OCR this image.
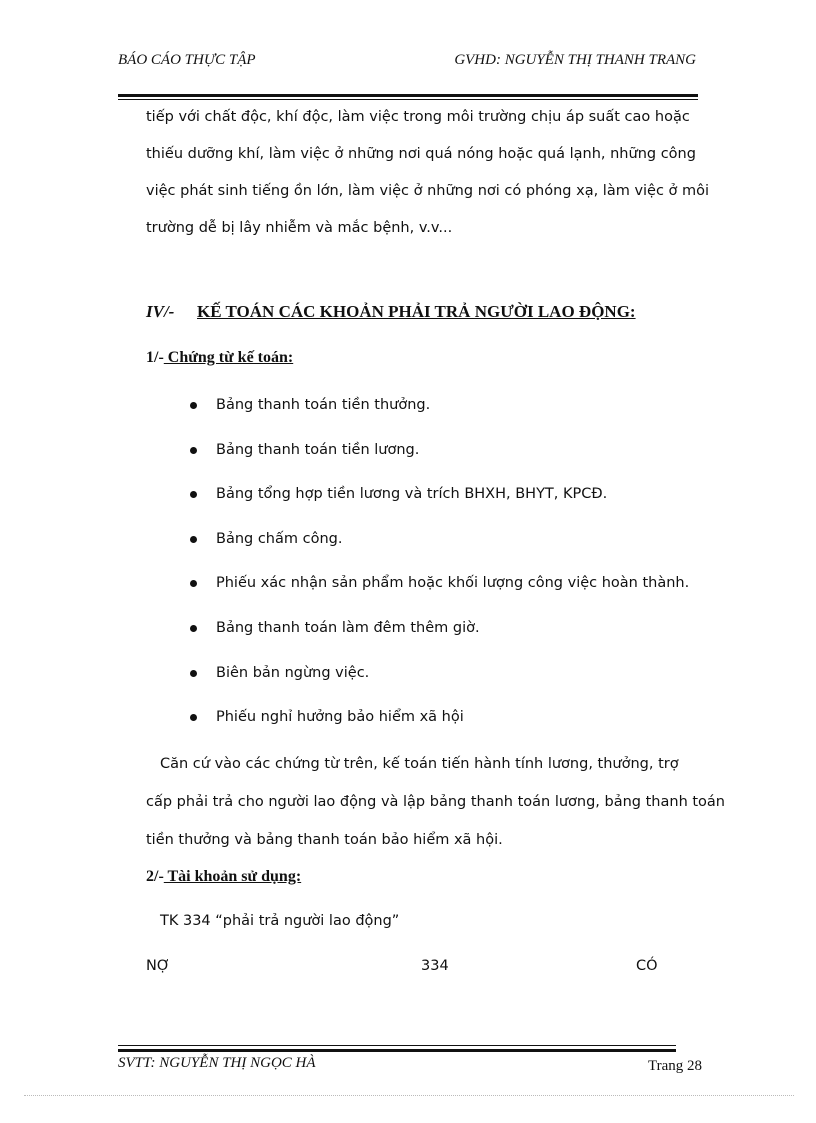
BÁO CÁO THỰC TẬP	GVHD: NGUYỄN THỊ THANH TRANG
tiếp với chất độc, khí độc, làm việc trong môi trường chịu áp suất cao hoặc
thiếu dưỡng khí, làm việc ở những nơi quá nóng hoặc quá lạnh, những công
việc phát sinh tiếng ồn lớn, làm việc ở những nơi có phóng xạ, làm việc ở môi
trường dễ bị lây nhiễm và mắc bệnh, v.v...
IV/- KẾ TOÁN CÁC KHOẢN PHẢI TRẢ NGƯỜI LAO ĐỘNG:
1/- Chứng từ kế toán:
Bảng thanh toán tiền thưởng.
Bảng thanh toán tiền lương.
Bảng tổng hợp tiền lương và trích BHXH, BHYT, KPCĐ.
Bảng chấm công.
Phiếu xác nhận sản phẩm hoặc khối lượng công việc hoàn thành.
Bảng thanh toán làm đêm thêm giờ.
Biên bản ngừng việc.
Phiếu nghỉ hưởng bảo hiểm xã hội
Căn cứ vào các chứng từ trên, kế toán tiến hành tính lương, thưởng, trợ
cấp phải trả cho người lao động và lập bảng thanh toán lương, bảng thanh toán
tiền thưởng và bảng thanh toán bảo hiểm xã hội.
2/- Tài khoản sử dụng:
TK 334 “phải trả người lao động”
NỢ	334	CÓ
SVTT: NGUYỄN THỊ NGỌC HÀ	Trang 28
